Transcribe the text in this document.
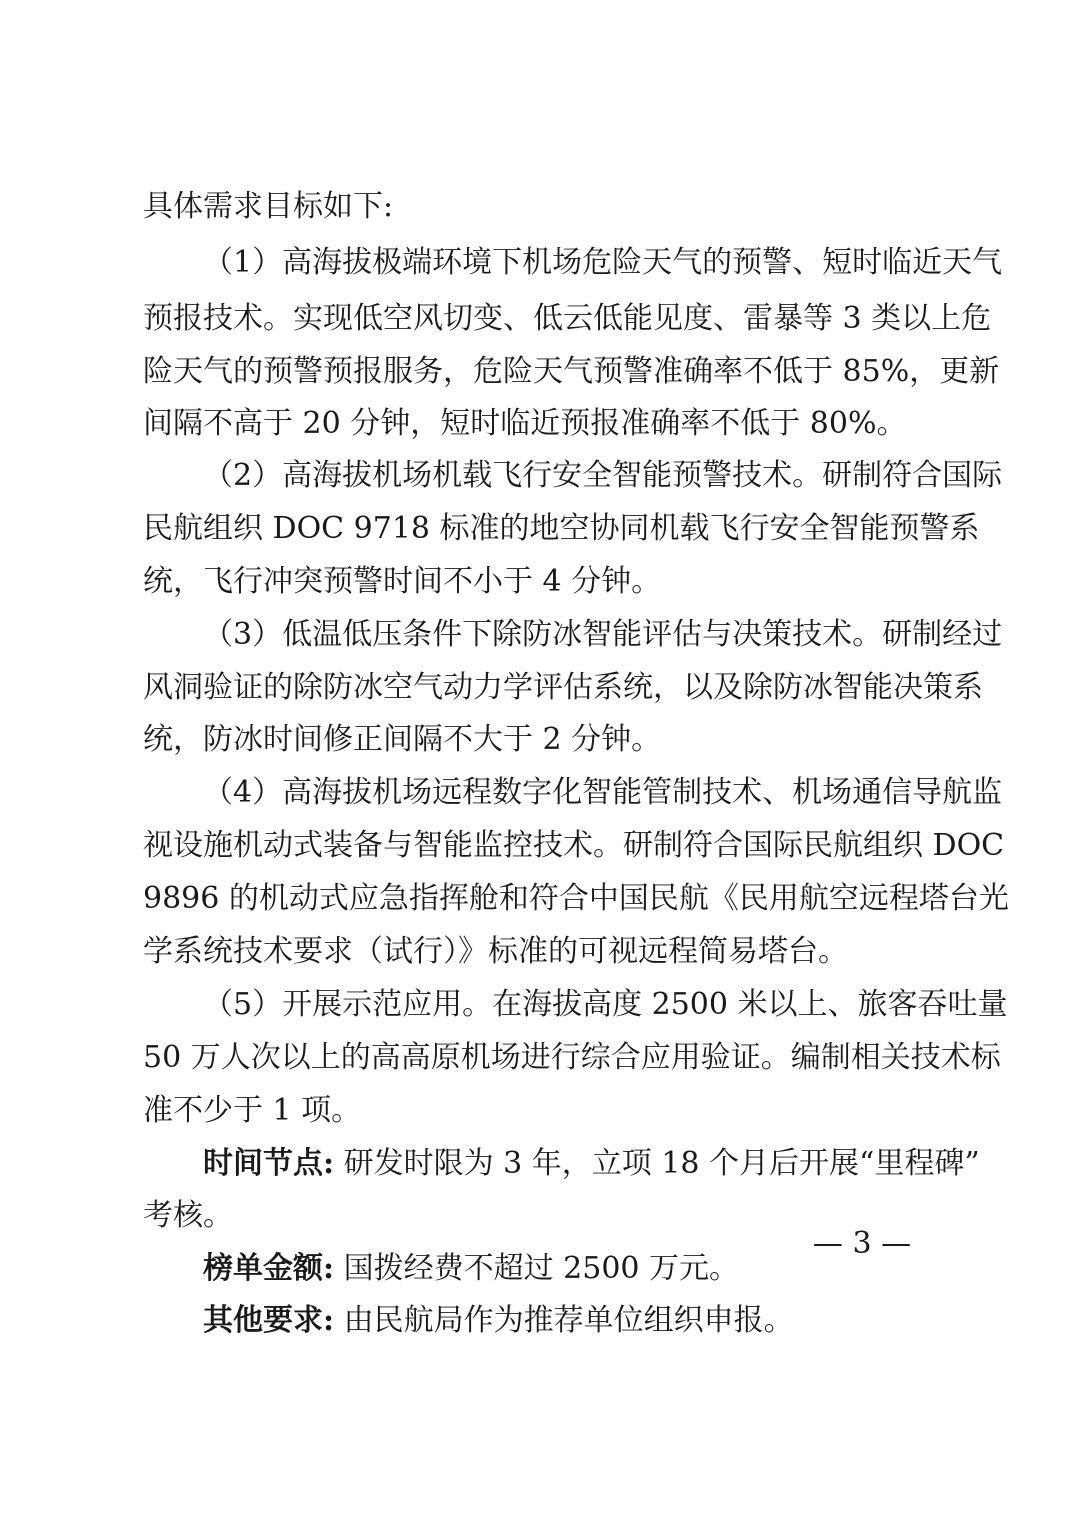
具体需求目标如下:
（1）高海拔极端环境下机场危险天气的预警、短时临近天气
预报技术。实现低空风切变、低云低能见度、雷暴等 3 类以上危
险天气的预警预报服务，危险天气预警准确率不低于 85%，更新
间隔不高于 20 分钟，短时临近预报准确率不低于 80%。
（2）高海拔机场机载飞行安全智能预警技术。研制符合国际
民航组织 DOC 9718 标准的地空协同机载飞行安全智能预警系
统，飞行冲突预警时间不小于 4 分钟。
（3）低温低压条件下除防冰智能评估与决策技术。研制经过
风洞验证的除防冰空气动力学评估系统，以及除防冰智能决策系
统，防冰时间修正间隔不大于 2 分钟。
（4）高海拔机场远程数字化智能管制技术、机场通信导航监
视设施机动式装备与智能监控技术。研制符合国际民航组织 DOC
9896 的机动式应急指挥舱和符合中国民航《民用航空远程塔台光
学系统技术要求（试行）》标准的可视远程简易塔台。
（5）开展示范应用。在海拔高度 2500 米以上、旅客吞吐量
50 万人次以上的高高原机场进行综合应用验证。编制相关技术标
准不少于 1 项。
时间节点: 研发时限为 3 年，立项 18 个月后开展“里程碑”
考核。
榜单金额: 国拨经费不超过 2500 万元。
其他要求: 由民航局作为推荐单位组织申报。
— 3 —
